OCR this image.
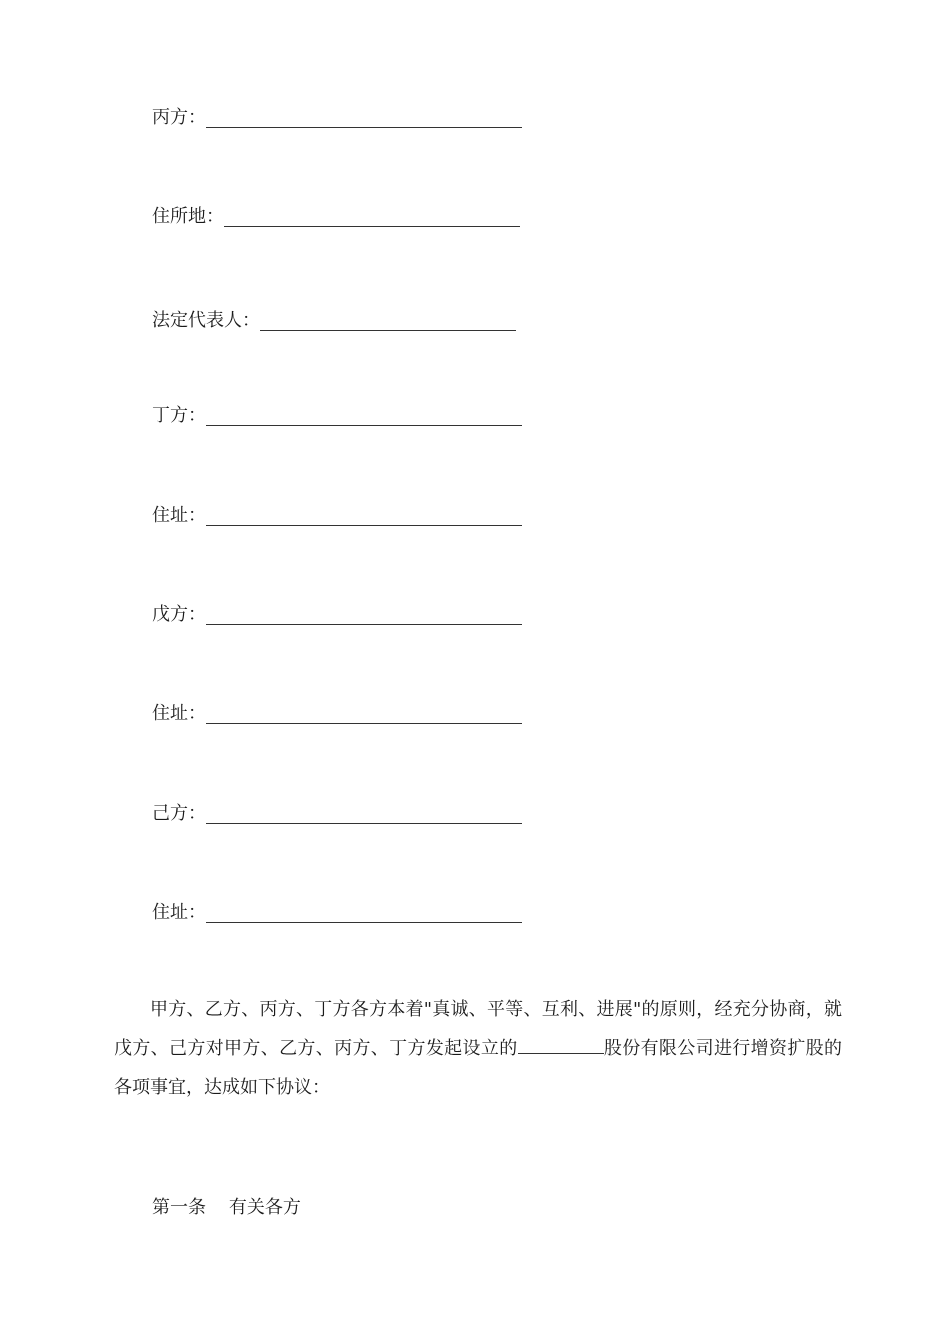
丙方：
住所地：
法定代表人：
丁方：
住址：
戊方：
住址：
己方：
住址：

甲方、乙方、丙方、丁方各方本着"真诚、平等、互利、进展"的原则，经充分协商，就戊方、己方对甲方、乙方、丙方、丁方发起设立的	股份有限公司进行增资扩股的各项事宜，达成如下协议：

第一条 有关各方
